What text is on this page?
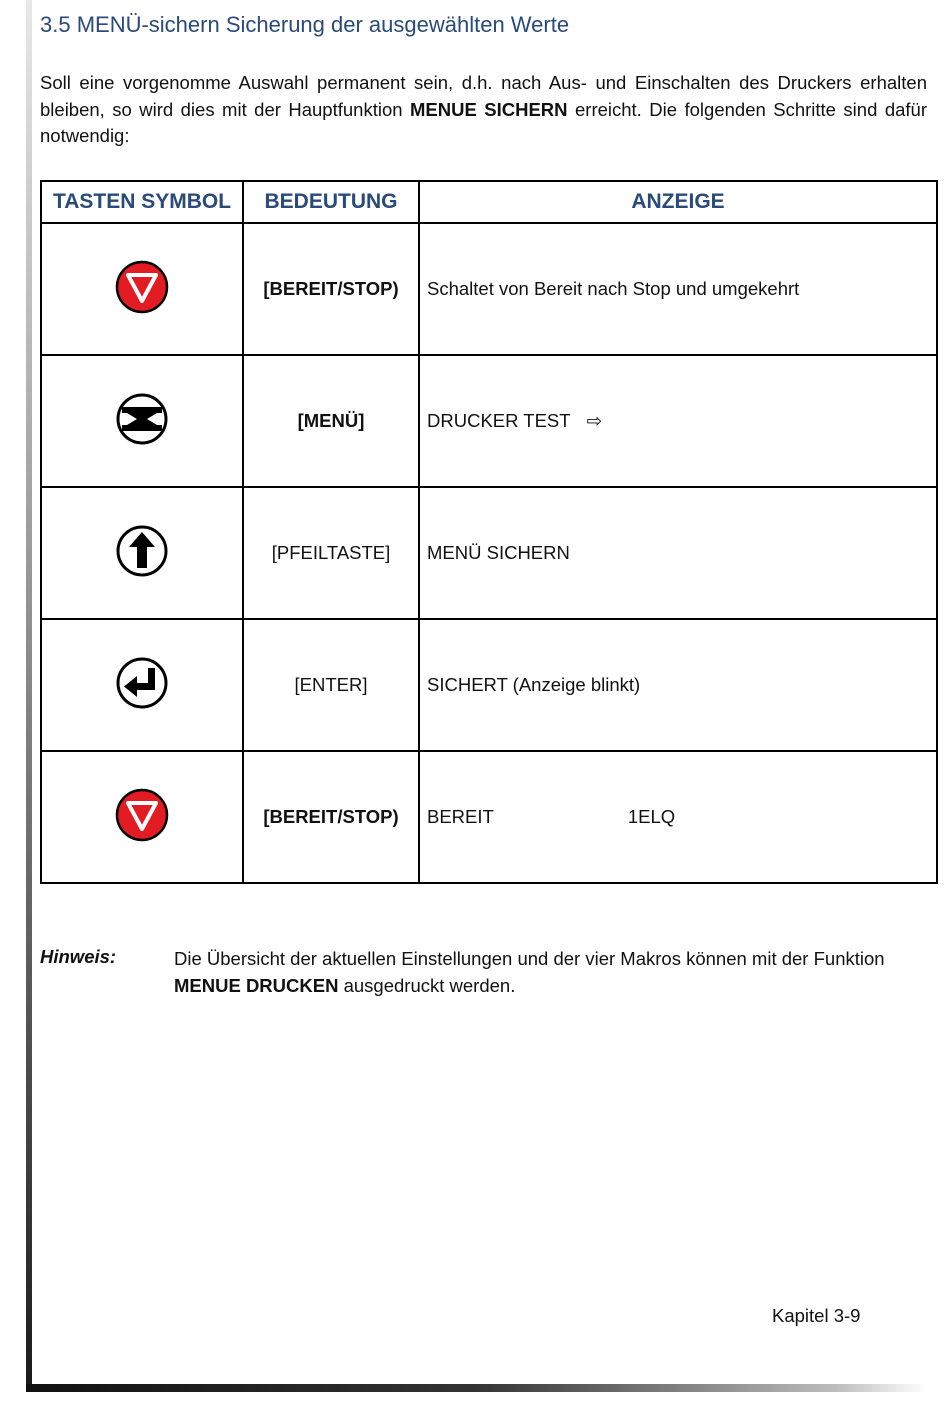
3.5 MENÜ-sichern Sicherung der ausgewählten Werte

Soll eine vorgenomme Auswahl permanent sein, d.h. nach Aus- und Einschalten des Druckers erhalten bleiben, so wird dies mit der Hauptfunktion MENUE SICHERN erreicht. Die folgenden Schritte sind dafür notwendig:

TASTEN SYMBOL	BEDEUTUNG	ANZEIGE

	[BEREIT/STOP)	Schaltet von Bereit nach Stop und umgekehrt

	[MENÜ]	DRUCKER TEST ⇨

	[PFEILTASTE]	MENÜ SICHERN

	[ENTER]	SICHERT (Anzeige blinkt)

	[BEREIT/STOP)	BEREIT 1ELQ

Hinweis:	Die Übersicht der aktuellen Einstellungen und der vier Makros können mit der Funktion MENUE DRUCKEN ausgedruckt werden.

Kapitel 3-9
